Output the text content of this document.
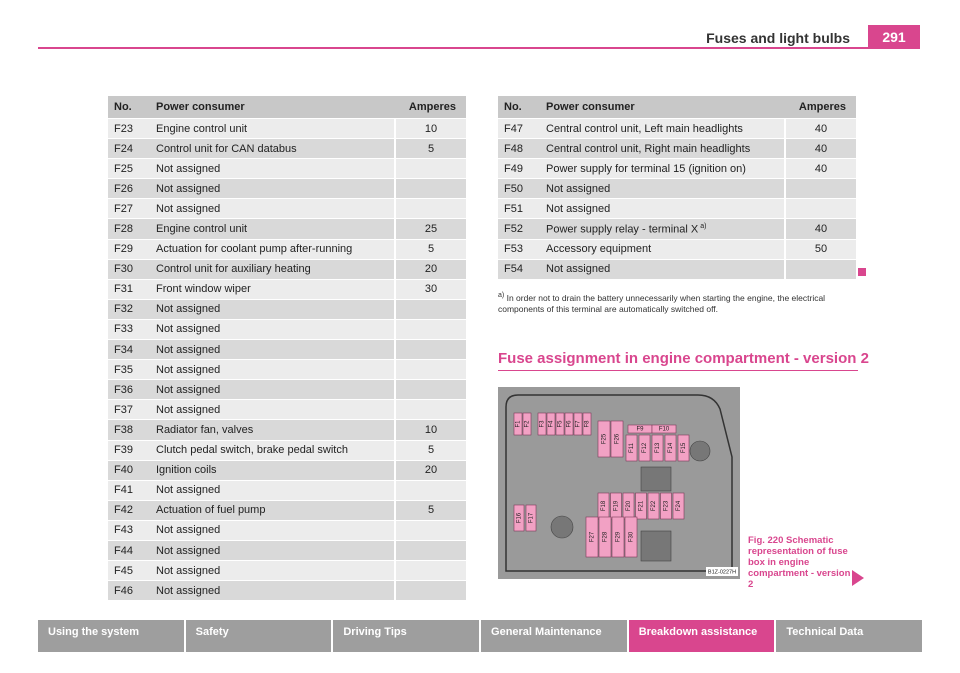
Fuses and light bulbs	291
No.	Power consumer	Amperes
F23	Engine control unit	10
F24	Control unit for CAN databus	5
F25	Not assigned	
F26	Not assigned	
F27	Not assigned	
F28	Engine control unit	25
F29	Actuation for coolant pump after-running	5
F30	Control unit for auxiliary heating	20
F31	Front window wiper	30
F32	Not assigned	
F33	Not assigned	
F34	Not assigned	
F35	Not assigned	
F36	Not assigned	
F37	Not assigned	
F38	Radiator fan, valves	10
F39	Clutch pedal switch, brake pedal switch	5
F40	Ignition coils	20
F41	Not assigned	
F42	Actuation of fuel pump	5
F43	Not assigned	
F44	Not assigned	
F45	Not assigned	
F46	Not assigned	
No.	Power consumer	Amperes
F47	Central control unit, Left main headlights	40
F48	Central control unit, Right main headlights	40
F49	Power supply for terminal 15 (ignition on)	40
F50	Not assigned	
F51	Not assigned	
F52	Power supply relay - terminal X $^{a)}$	40
F53	Accessory equipment	50
F54	Not assigned	
$^{a)}$ In order not to drain the battery unnecessarily when starting the engine, the electrical components of this terminal are automatically switched off.
Fuse assignment in engine compartment - version 2
F1 F2 F3 F4 F5 F6 F7 F8
F25 F26
F9	F10
F11 F12 F13 F14 F15
F16 F17
F18 F19 F20 F21 F22 F23 F24
F27 F28 F29 F30
B1Z-0227H
Fig. 220 Schematic representation of fuse box in engine compartment - version 2
Using the system	Safety	Driving Tips	General Maintenance	Breakdown assistance	Technical Data
